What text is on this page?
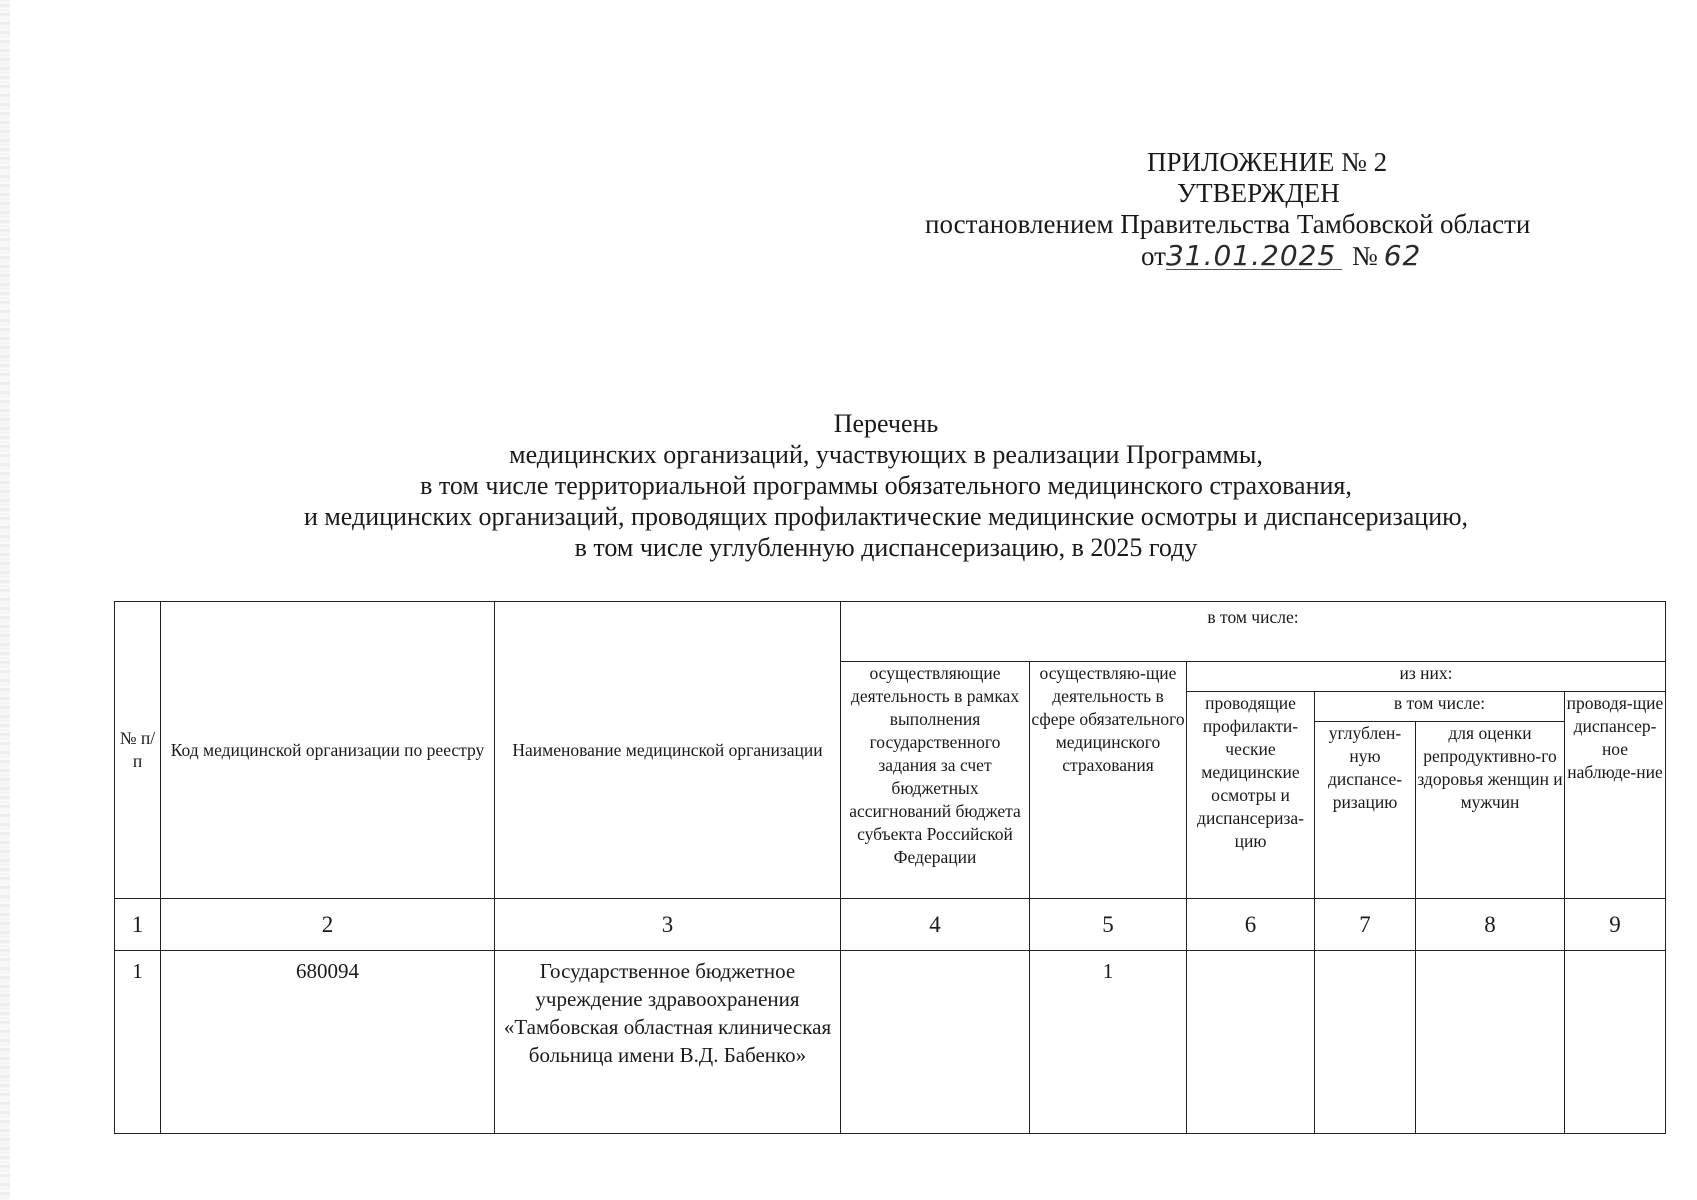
ПРИЛОЖЕНИЕ № 2
УТВЕРЖДЕН
постановлением Правительства Тамбовской области
от31.01.2025 № 62
Перечень
медицинских организаций, участвующих в реализации Программы,
в том числе территориальной программы обязательного медицинского страхования,
и медицинских организаций, проводящих профилактические медицинские осмотры и диспансеризацию,
в том числе углубленную диспансеризацию, в 2025 году
№ п/п	Код медицинской организации по реестру	Наименование медицинской организации	в том числе:					
			осуществляющие деятельность в рамках выполнения государственного задания за счет бюджетных ассигнований бюджета субъекта Российской Федерации	осуществляю-щие деятельность в сфере обязательного медицинского страхования	из них:			
					проводящие профилакти-ческие медицинские осмотры и диспансериза-цию	в том числе:		проводя-щие диспансер-ное наблюде-ние
						углублен-ную диспансе-ризацию	для оценки репродуктивно-го здоровья женщин и мужчин	
1	2	3	4	5	6	7	8	9
1	680094	Государственное бюджетное учреждение здравоохранения «Тамбовская областная клиническая больница имени В.Д. Бабенко»		1				
